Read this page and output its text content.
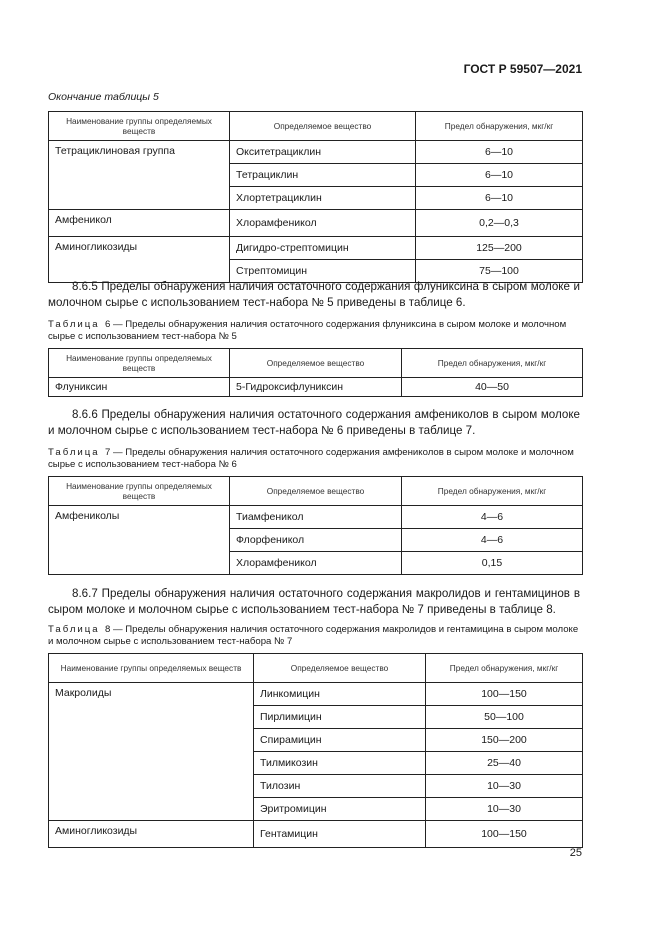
ГОСТ Р 59507—2021
Окончание таблицы 5
Наименование группы определяемых веществ	Определяемое вещество	Предел обнаружения, мкг/кг
Тетрациклиновая группа	Окситетрациклин	6—10
	Тетрациклин	6—10
	Хлортетрациклин	6—10
Амфеникол	Хлорамфеникол	0,2—0,3
Аминогликозиды	Дигидро-стрептомицин	125—200
	Стрептомицин	75—100
8.6.5 Пределы обнаружения наличия остаточного содержания флуниксина в сыром молоке и молочном сырье с использованием тест-набора № 5 приведены в таблице 6.
Таблица 6 — Пределы обнаружения наличия остаточного содержания флуниксина в сыром молоке и молочном сырье с использованием тест-набора № 5
Наименование группы определяемых веществ	Определяемое вещество	Предел обнаружения, мкг/кг
Флуниксин	5-Гидроксифлуниксин	40—50
8.6.6 Пределы обнаружения наличия остаточного содержания амфениколов в сыром молоке и молочном сырье с использованием тест-набора № 6 приведены в таблице 7.
Таблица 7 — Пределы обнаружения наличия остаточного содержания амфениколов в сыром молоке и молочном сырье с использованием тест-набора № 6
Наименование группы определяемых веществ	Определяемое вещество	Предел обнаружения, мкг/кг
Амфениколы	Тиамфеникол	4—6
	Флорфеникол	4—6
	Хлорамфеникол	0,15
8.6.7 Пределы обнаружения наличия остаточного содержания макролидов и гентамицинов в сыром молоке и молочном сырье с использованием тест-набора № 7 приведены в таблице 8.
Таблица 8 — Пределы обнаружения наличия остаточного содержания макролидов и гентамицина в сыром молоке и молочном сырье с использованием тест-набора № 7
Наименование группы определяемых веществ	Определяемое вещество	Предел обнаружения, мкг/кг
Макролиды	Линкомицин	100—150
	Пирлимицин	50—100
	Спирамицин	150—200
	Тилмикозин	25—40
	Тилозин	10—30
	Эритромицин	10—30
Аминогликозиды	Гентамицин	100—150
25
